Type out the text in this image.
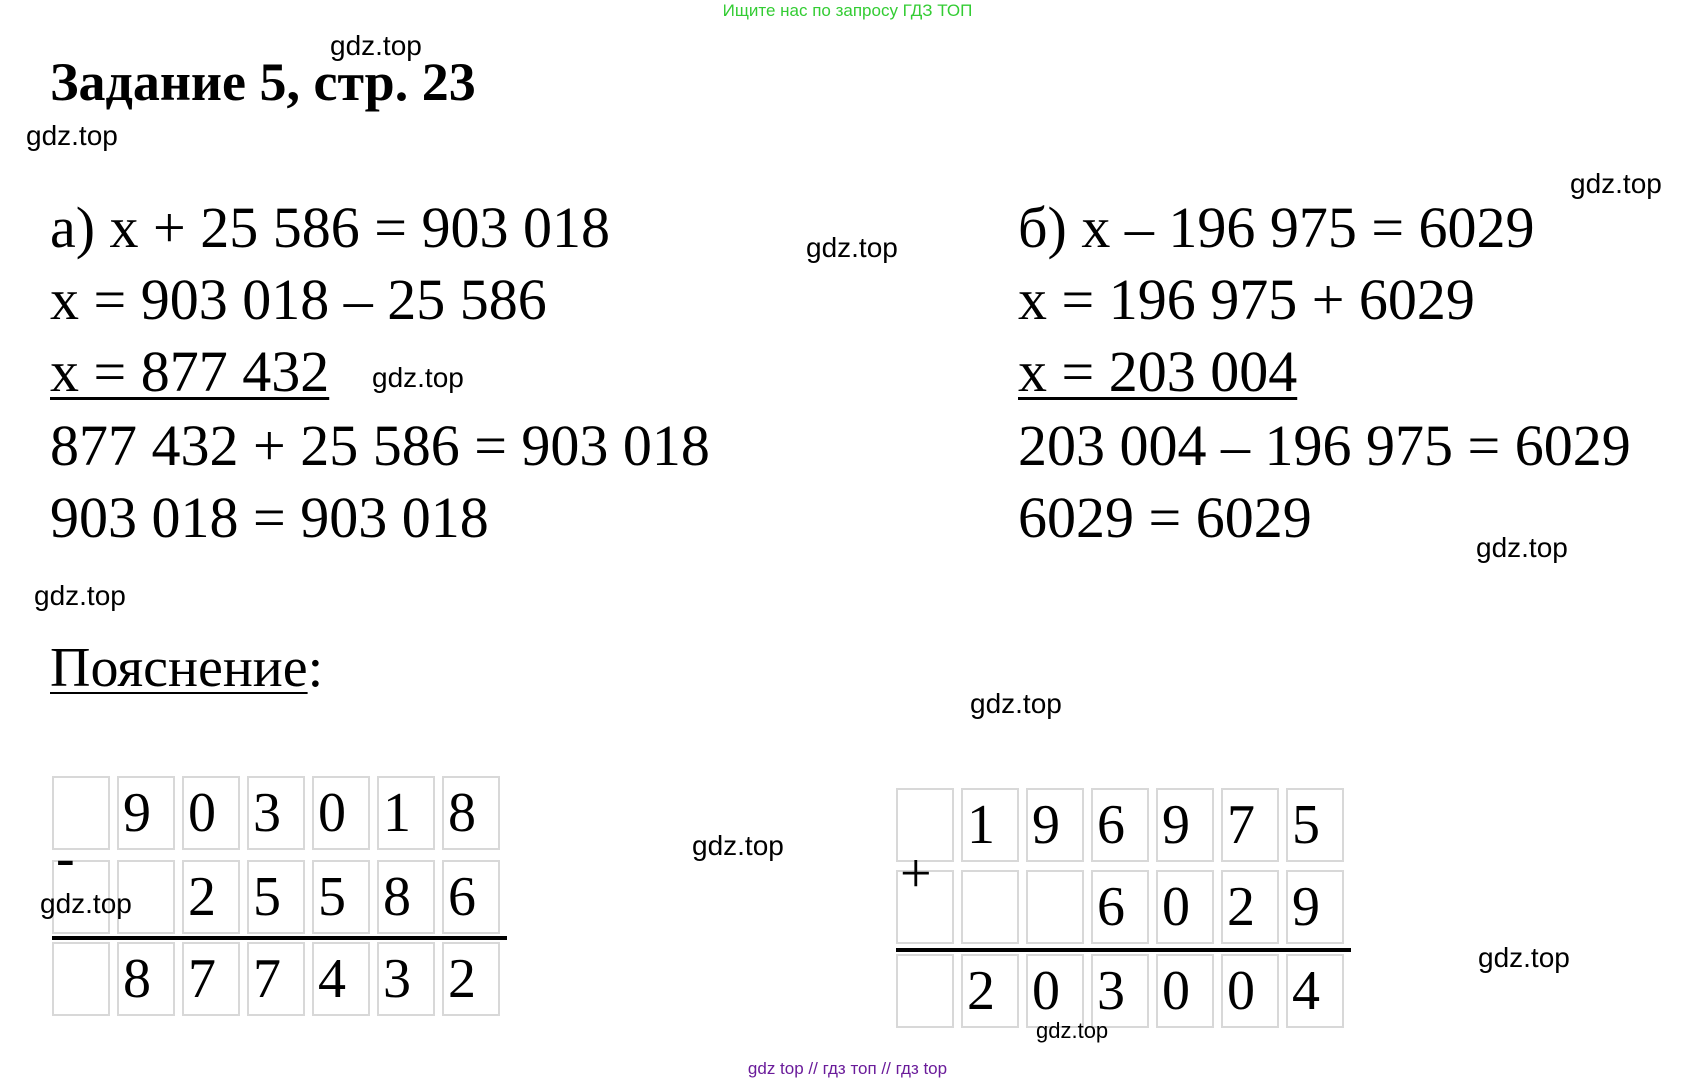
Ищите нас по запросу ГДЗ ТОП
Задание 5, стр. 23
а) x + 25 586 = 903 018
x = 903 018 – 25 586
x = 877 432
877 432 + 25 586 = 903 018
903 018 = 903 018
б) x – 196 975 = 6029
x = 196 975 + 6029
x = 203 004
203 004 – 196 975 = 6029
6029 = 6029
Пояснение:
9 0 3 0 1 8
2 5 5 8 6
8 7 7 4 3 2
-
1 9 6 9 7 5
6 0 2 9
2 0 3 0 0 4
+
gdz.top
gdz.top
gdz.top
gdz.top
gdz.top
gdz.top
gdz.top
gdz.top
gdz.top
gdz.top
gdz.top
gdz.top
gdz top // гдз топ // гдз top
